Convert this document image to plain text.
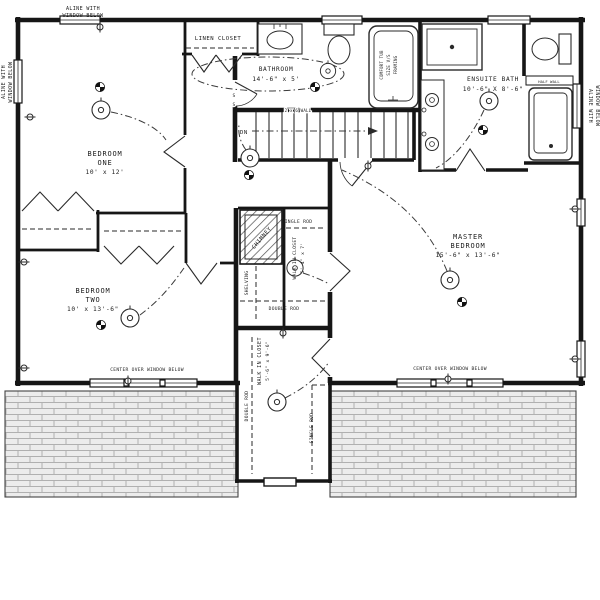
ALINE WITH
WINDOW BELOW
ALINE WITH WINDOW BELOW
ALINE WITH WINDOW BELOW
LINEN CLOSET
BATHROOM
14'-6" x 5'	ENSUITE BATH
10'-6" X 8'-6"
BEDROOM
ONE
10' x 12'
BEDROOM
TWO
10' x 13'-6"
MASTER
BEDROOM
15'-6" x 13'-6"
CHIMNEY
SHELVING
SINGLE ROD
DOUBLE ROD
WALK IN CLOSET 5'-4" x 7'
WALK IN CLOSET 5'-6" x 9'-6"
DOUBLE ROD
SINGLE ROD
CENTER OVER WINDOW BELOW	CENTER OVER WINDOW BELOW
2 x 6 WALL
DN
HALF WALL
COMFORT TUB SIZE V/S FRAMING
S
S
